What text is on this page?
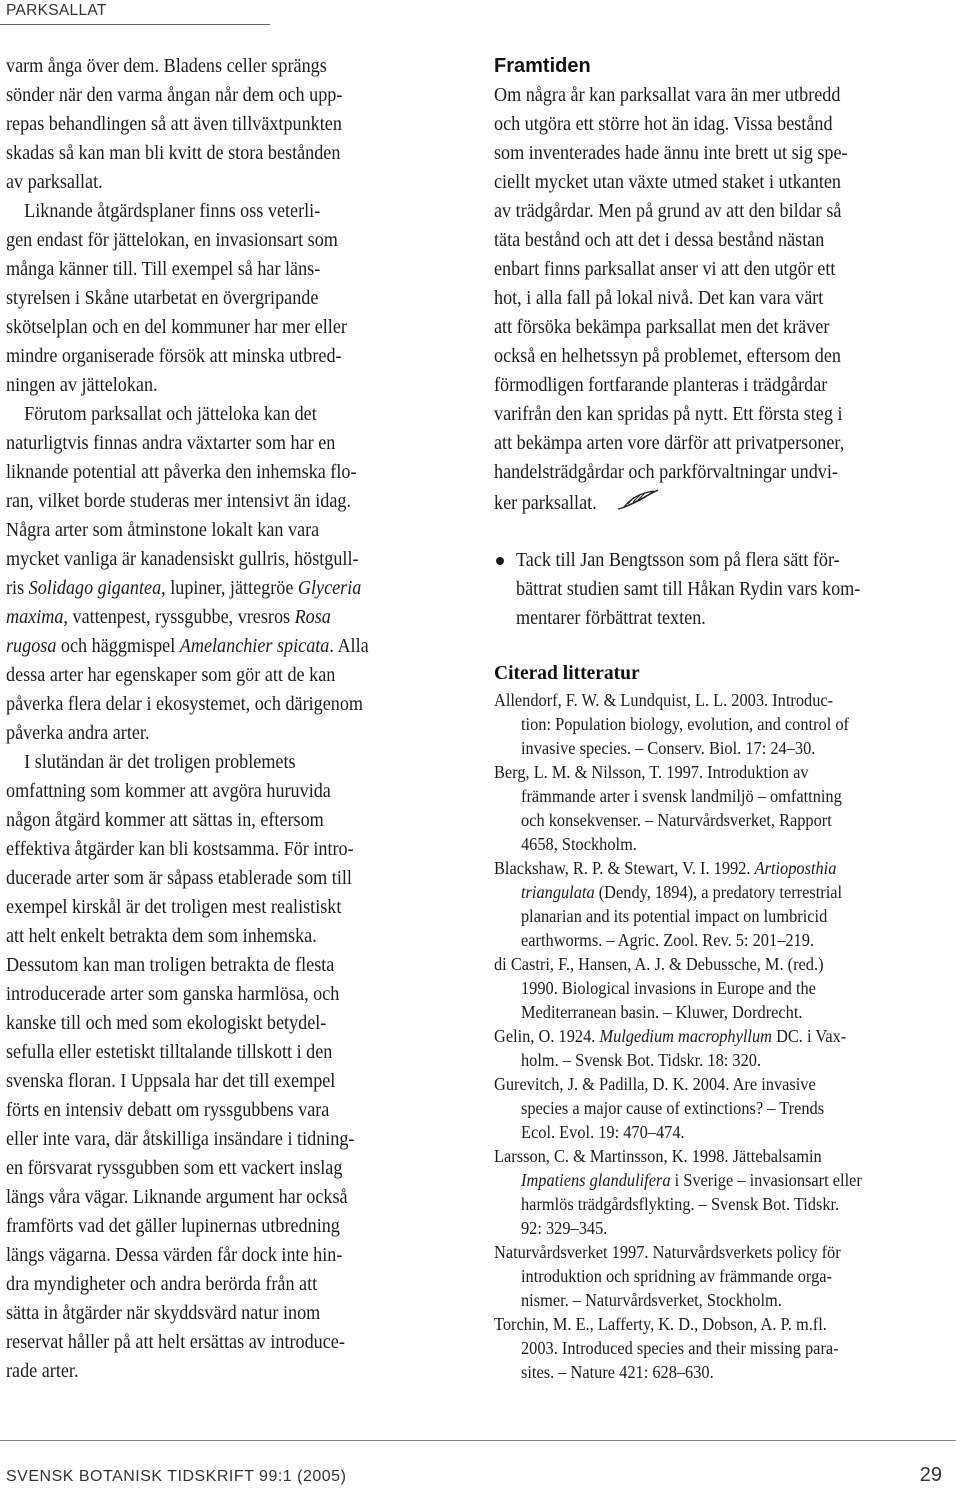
PARKSALLAT
varm ånga över dem. Bladens celler sprängs
sönder när den varma ångan når dem och upp-
repas behandlingen så att även tillväxtpunkten
skadas så kan man bli kvitt de stora bestånden
av parksallat.
 Liknande åtgärdsplaner finns oss veterli-
gen endast för jättelokan, en invasionsart som
många känner till. Till exempel så har läns-
styrelsen i Skåne utarbetat en övergripande
skötselplan och en del kommuner har mer eller
mindre organiserade försök att minska utbred-
ningen av jättelokan.
 Förutom parksallat och jätteloka kan det
naturligtvis finnas andra växtarter som har en
liknande potential att påverka den inhemska flo-
ran, vilket borde studeras mer intensivt än idag.
Några arter som åtminstone lokalt kan vara
mycket vanliga är kanadensiskt gullris, höstgull-
ris Solidago gigantea, lupiner, jättegröe Glyceria
maxima, vattenpest, ryssgubbe, vresros Rosa
rugosa och häggmispel Amelanchier spicata. Alla
dessa arter har egenskaper som gör att de kan
påverka flera delar i ekosystemet, och därigenom
påverka andra arter.
 I slutändan är det troligen problemets
omfattning som kommer att avgöra huruvida
någon åtgärd kommer att sättas in, eftersom
effektiva åtgärder kan bli kostsamma. För intro-
ducerade arter som är såpass etablerade som till
exempel kirskål är det troligen mest realistiskt
att helt enkelt betrakta dem som inhemska.
Dessutom kan man troligen betrakta de flesta
introducerade arter som ganska harmlösa, och
kanske till och med som ekologiskt betydel-
sefulla eller estetiskt tilltalande tillskott i den
svenska floran. I Uppsala har det till exempel
förts en intensiv debatt om ryssgubbens vara
eller inte vara, där åtskilliga insändare i tidning-
en försvarat ryssgubben som ett vackert inslag
längs våra vägar. Liknande argument har också
framförts vad det gäller lupinernas utbredning
längs vägarna. Dessa värden får dock inte hin-
dra myndigheter och andra berörda från att
sätta in åtgärder när skyddsvärd natur inom
reservat håller på att helt ersättas av introduce-
rade arter.
Framtiden
Om några år kan parksallat vara än mer utbredd
och utgöra ett större hot än idag. Vissa bestånd
som inventerades hade ännu inte brett ut sig spe-
ciellt mycket utan växte utmed staket i utkanten
av trädgårdar. Men på grund av att den bildar så
täta bestånd och att det i dessa bestånd nästan
enbart finns parksallat anser vi att den utgör ett
hot, i alla fall på lokal nivå. Det kan vara värt
att försöka bekämpa parksallat men det kräver
också en helhetssyn på problemet, eftersom den
förmodligen fortfarande planteras i trädgårdar
varifrån den kan spridas på nytt. Ett första steg i
att bekämpa arten vore därför att privatpersoner,
handelsträdgårdar och parkförvaltningar undvi-
ker parksallat.
Tack till Jan Bengtsson som på flera sätt för-
bättrat studien samt till Håkan Rydin vars kom-
mentarer förbättrat texten.
Citerad litteratur
Allendorf, F. W. & Lundquist, L. L. 2003. Introduc-
tion: Population biology, evolution, and control of
invasive species. – Conserv. Biol. 17: 24–30.
Berg, L. M. & Nilsson, T. 1997. Introduktion av
främmande arter i svensk landmiljö – omfattning
och konsekvenser. – Naturvårdsverket, Rapport
4658, Stockholm.
Blackshaw, R. P. & Stewart, V. I. 1992. Artioposthia
triangulata (Dendy, 1894), a predatory terrestrial
planarian and its potential impact on lumbricid
earthworms. – Agric. Zool. Rev. 5: 201–219.
di Castri, F., Hansen, A. J. & Debussche, M. (red.)
1990. Biological invasions in Europe and the
Mediterranean basin. – Kluwer, Dordrecht.
Gelin, O. 1924. Mulgedium macrophyllum DC. i Vax-
holm. – Svensk Bot. Tidskr. 18: 320.
Gurevitch, J. & Padilla, D. K. 2004. Are invasive
species a major cause of extinctions? – Trends
Ecol. Evol. 19: 470–474.
Larsson, C. & Martinsson, K. 1998. Jättebalsamin
Impatiens glandulifera i Sverige – invasionsart eller
harmlös trädgårdsflykting. – Svensk Bot. Tidskr.
92: 329–345.
Naturvårdsverket 1997. Naturvårdsverkets policy för
introduktion och spridning av främmande orga-
nismer. – Naturvårdsverket, Stockholm.
Torchin, M. E., Lafferty, K. D., Dobson, A. P. m.fl.
2003. Introduced species and their missing para-
sites. – Nature 421: 628–630.
SVENSK BOTANISK TIDSKRIFT 99:1 (2005)	29
